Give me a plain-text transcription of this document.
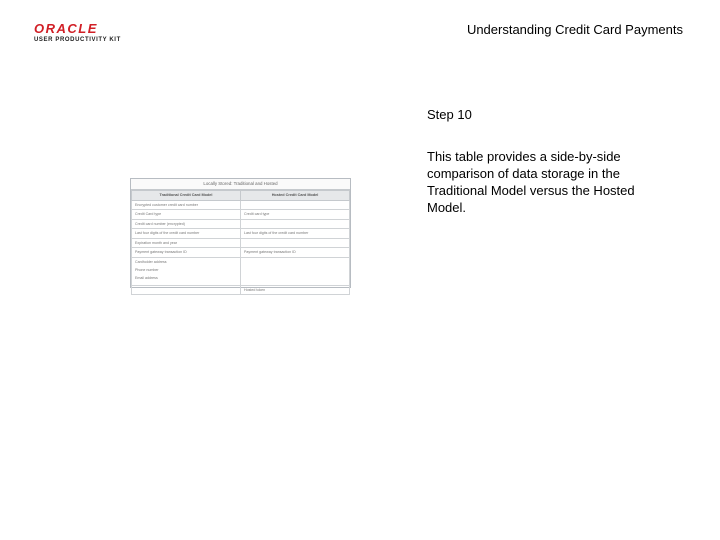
ORACLE
USER PRODUCTIVITY KIT
Understanding Credit Card Payments
Step 10
This table provides a side-by-side comparison of data storage in the Traditional Model versus the Hosted Model.
Locally Stored: Traditional and Hosted
Traditional Credit Card Model	Hosted Credit Card Model

Encrypted customer credit card number	

Credit Card type	Credit card type

Credit card number (encrypted)	

Last four digits of the credit card number	Last four digits of the credit card number

Expiration month and year	

Payment gateway transaction ID	Payment gateway transaction ID

Cardholder address
Phone number
Email address	

	Hosted token
